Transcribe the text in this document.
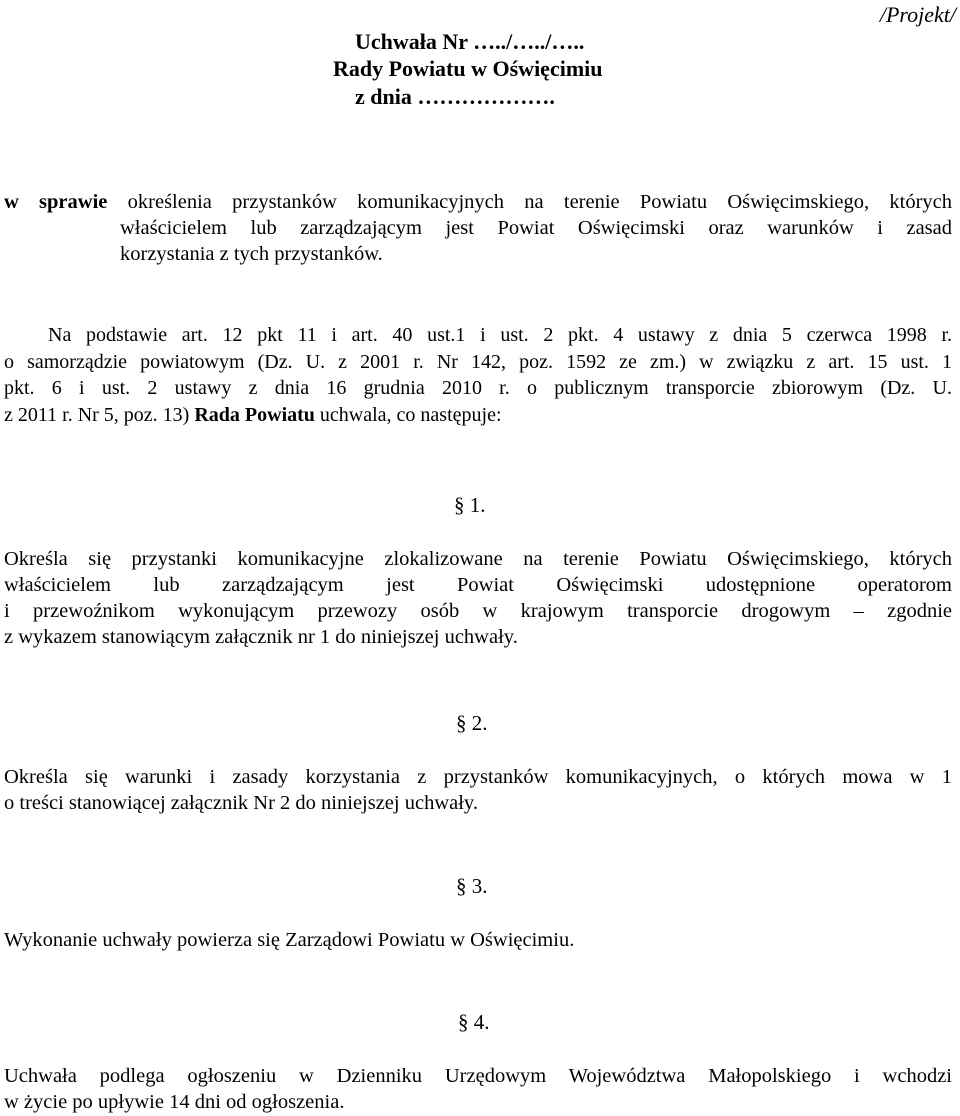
/Projekt/
Uchwała Nr …../…../…..
Rady Powiatu w Oświęcimiu
z dnia ……………….
w sprawie określenia przystanków komunikacyjnych na terenie Powiatu Oświęcimskiego, których
właścicielem lub zarządzającym jest Powiat Oświęcimski oraz warunków i zasad
korzystania z tych przystanków.
Na podstawie art. 12 pkt 11 i art. 40 ust.1 i ust. 2 pkt. 4 ustawy z dnia 5 czerwca 1998 r.
o samorządzie powiatowym (Dz. U. z 2001 r. Nr 142, poz. 1592 ze zm.) w związku z art. 15 ust. 1
pkt. 6 i ust. 2 ustawy z dnia 16 grudnia 2010 r. o publicznym transporcie zbiorowym (Dz. U.
z 2011 r. Nr 5, poz. 13) Rada Powiatu uchwala, co następuje:
§ 1.
Określa się przystanki komunikacyjne zlokalizowane na terenie Powiatu Oświęcimskiego, których
właścicielem lub zarządzającym jest Powiat Oświęcimski udostępnione operatorom
i przewoźnikom wykonującym przewozy osób w krajowym transporcie drogowym – zgodnie
z wykazem stanowiącym załącznik nr 1 do niniejszej uchwały.
§ 2.
Określa się warunki i zasady korzystania z przystanków komunikacyjnych, o których mowa w 1
o treści stanowiącej załącznik Nr 2 do niniejszej uchwały.
§ 3.
Wykonanie uchwały powierza się Zarządowi Powiatu w Oświęcimiu.
§ 4.
Uchwała podlega ogłoszeniu w Dzienniku Urzędowym Województwa Małopolskiego i wchodzi
w życie po upływie 14 dni od ogłoszenia.
